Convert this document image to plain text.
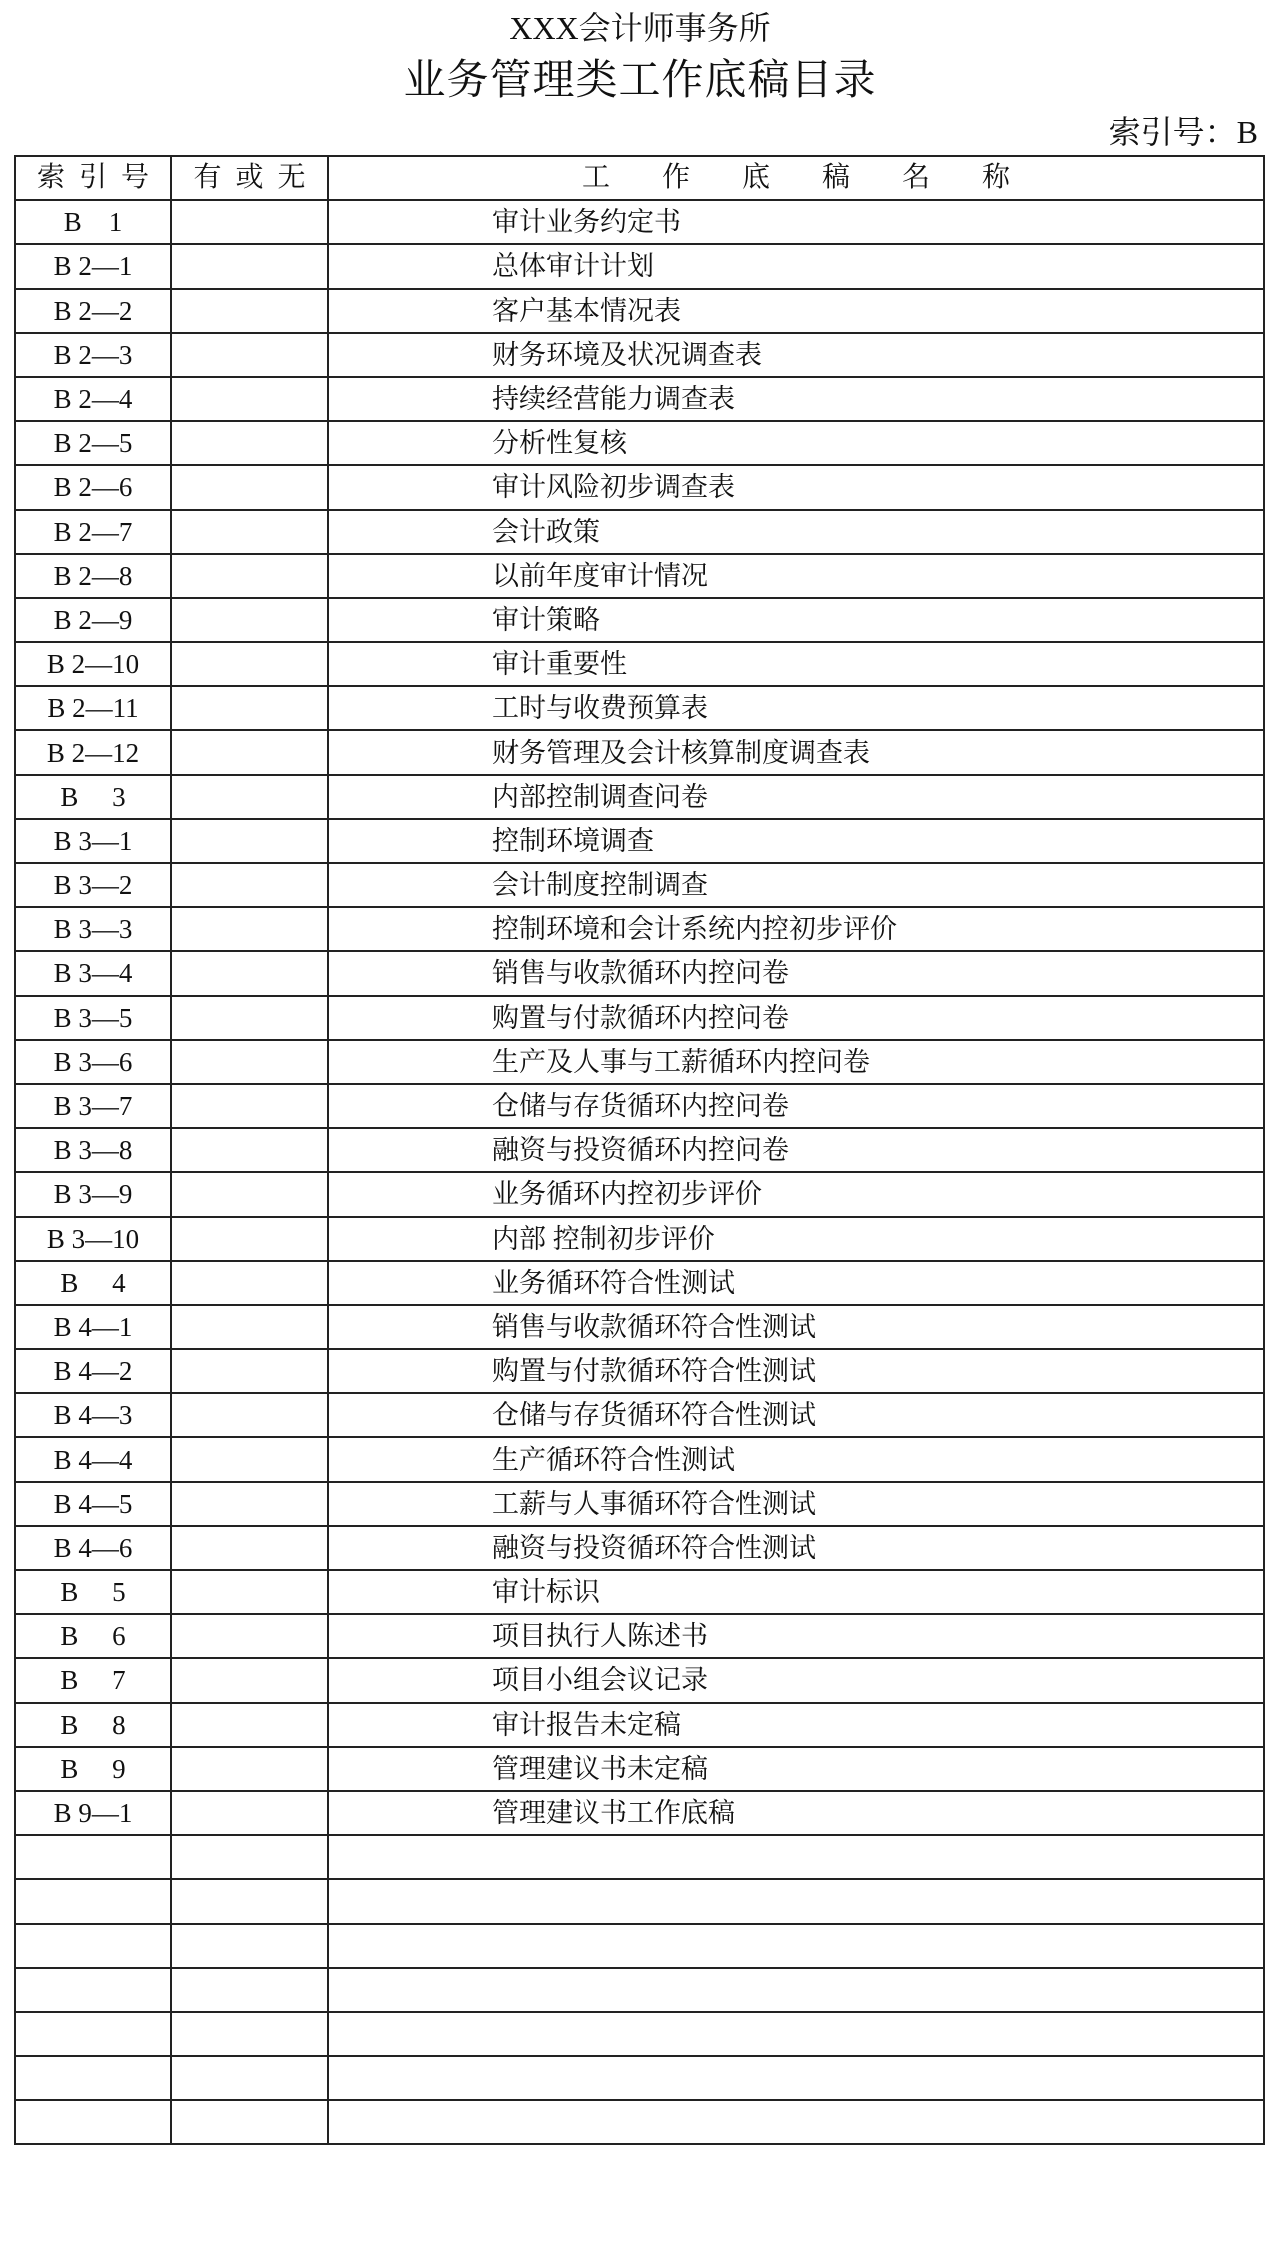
XXX会计师事务所
业务管理类工作底稿目录
索引号：B
索引号	有或无	工作底稿名称
B　1		审计业务约定书
B 2—1		总体审计计划
B 2—2		客户基本情况表
B 2—3		财务环境及状况调查表
B 2—4		持续经营能力调查表
B 2—5		分析性复核
B 2—6		审计风险初步调查表
B 2—7		会计政策
B 2—8		以前年度审计情况
B 2—9		审计策略
B 2—10		审计重要性
B 2—11		工时与收费预算表
B 2—12		财务管理及会计核算制度调查表
B　 3		内部控制调查问卷
B 3—1		控制环境调查
B 3—2		会计制度控制调查
B 3—3		控制环境和会计系统内控初步评价
B 3—4		销售与收款循环内控问卷
B 3—5		购置与付款循环内控问卷
B 3—6		生产及人事与工薪循环内控问卷
B 3—7		仓储与存货循环内控问卷
B 3—8		融资与投资循环内控问卷
B 3—9		业务循环内控初步评价
B 3—10		内部 控制初步评价
B　 4		业务循环符合性测试
B 4—1		销售与收款循环符合性测试
B 4—2		购置与付款循环符合性测试
B 4—3		仓储与存货循环符合性测试
B 4—4		生产循环符合性测试
B 4—5		工薪与人事循环符合性测试
B 4—6		融资与投资循环符合性测试
B　 5		审计标识
B　 6		项目执行人陈述书
B　 7		项目小组会议记录
B　 8		审计报告未定稿
B　 9		管理建议书未定稿
B 9—1		管理建议书工作底稿
